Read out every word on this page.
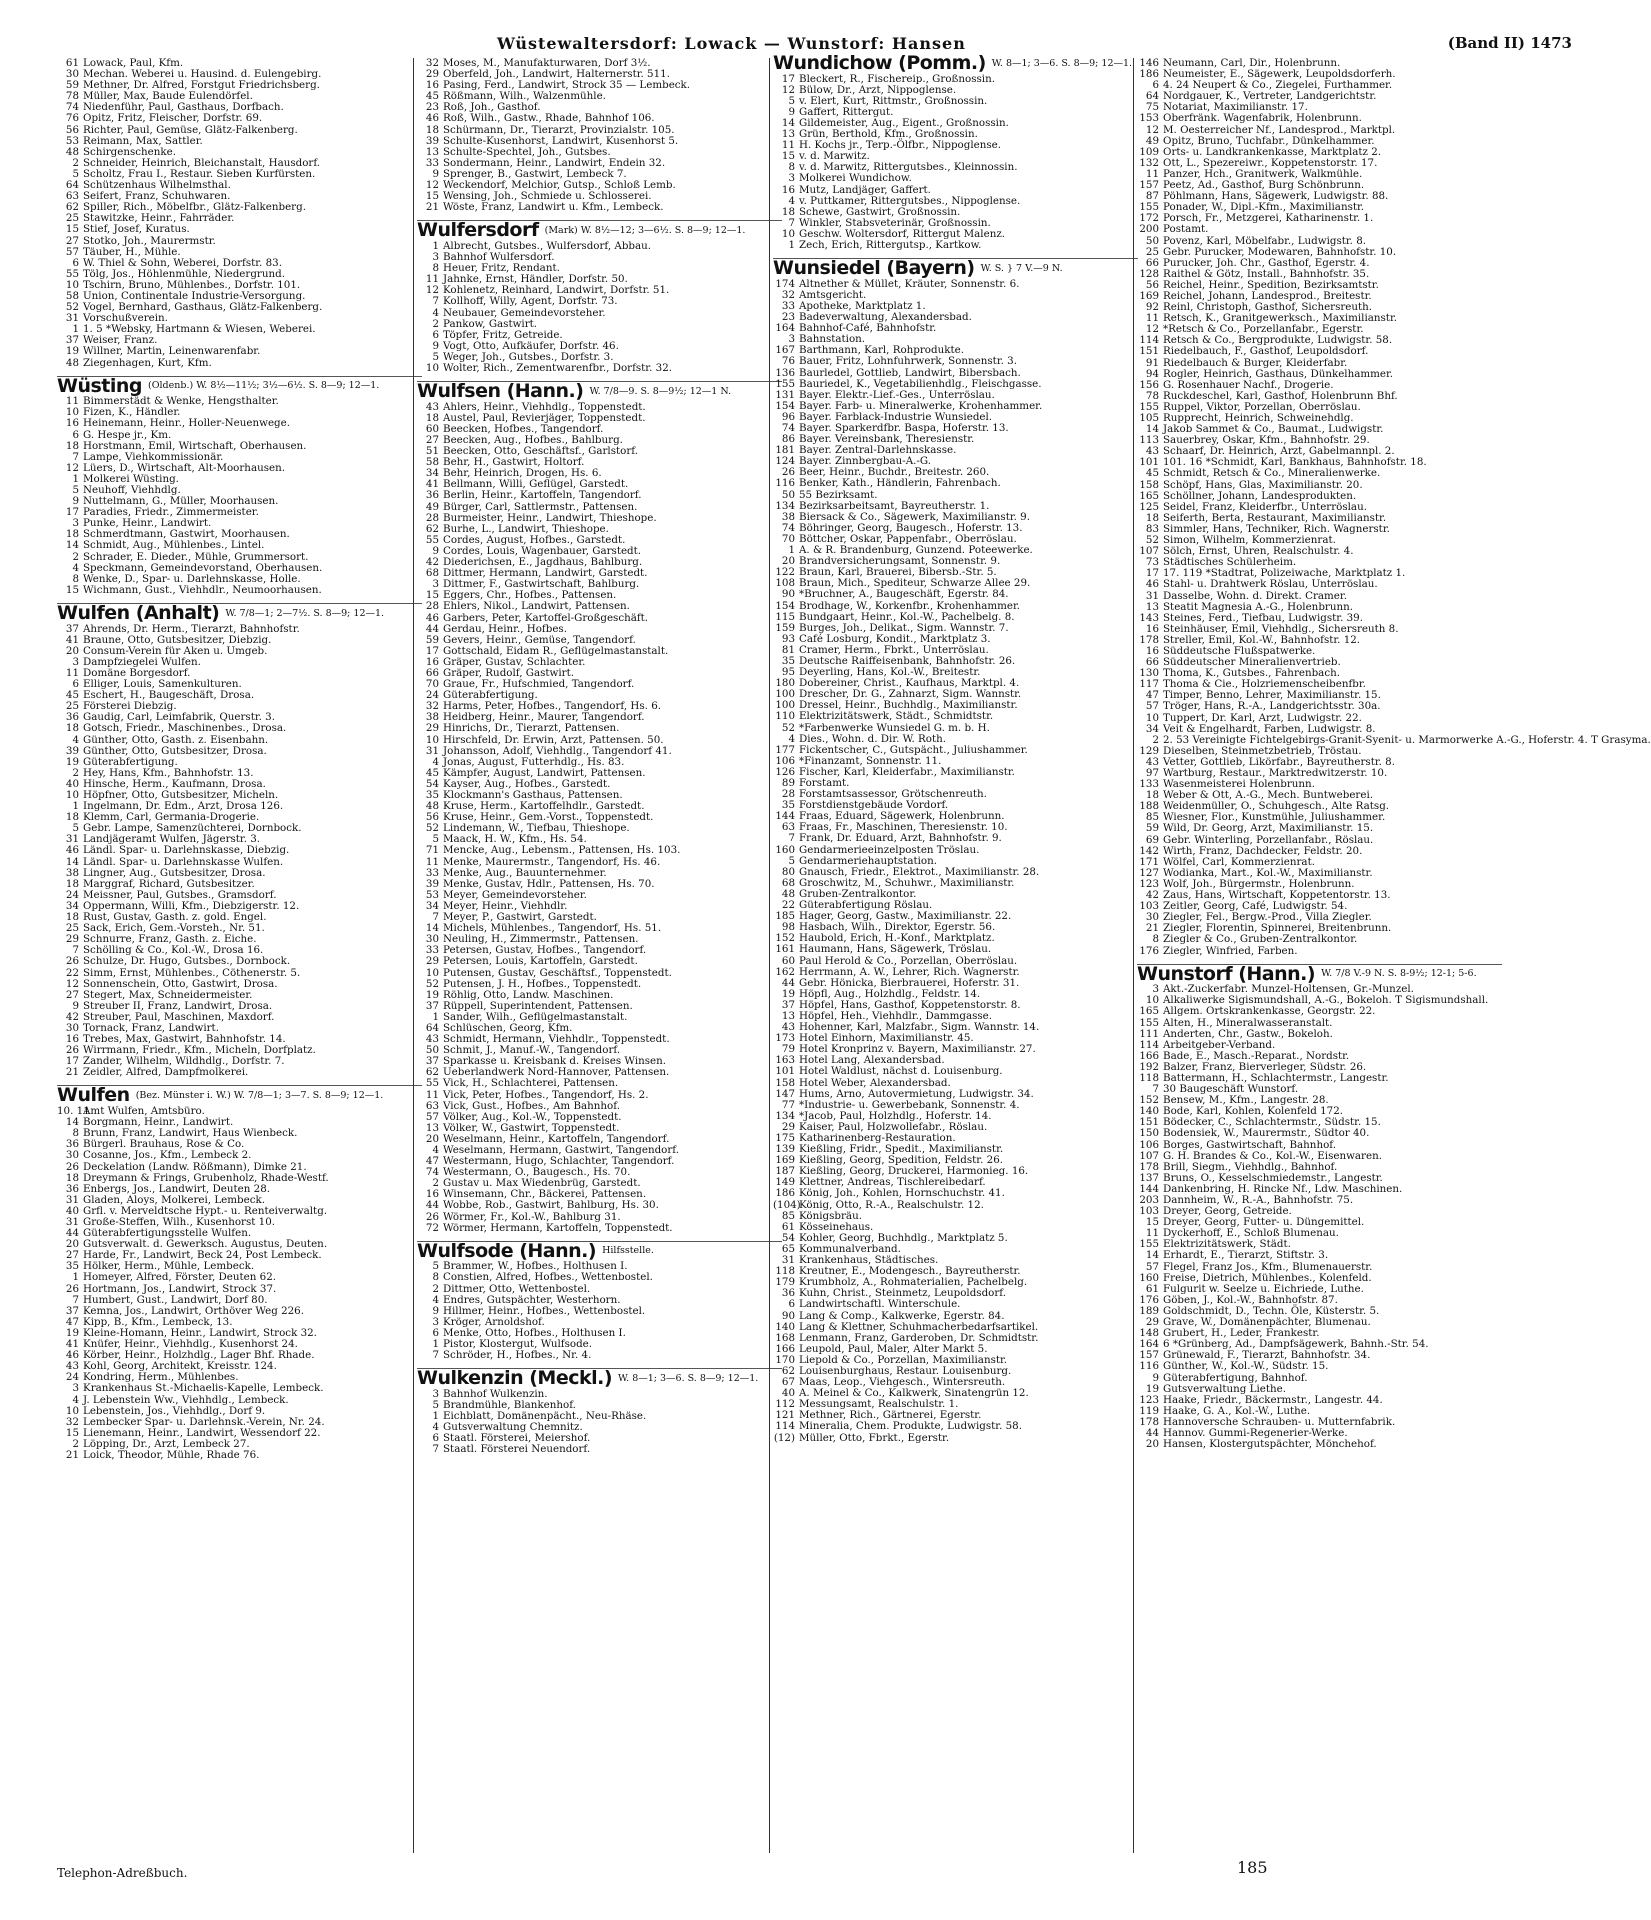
Wüstewaltersdorf: Lowack — Wunstorf: Hansen	(Band II) 1473
61 Lowack, Paul, Kfm.
30 Mechan. Weberei u. Hausind. d. Eulengebirg.
59 Methner, Dr. Alfred, Forstgut Friedrichsberg.
78 Müller, Max, Baude Eulendörfel.
74 Niedenführ, Paul, Gasthaus, Dorfbach.
76 Opitz, Fritz, Fleischer, Dorfstr. 69.
56 Richter, Paul, Gemüse, Glätz-Falkenberg.
53 Reimann, Max, Sattler.
48 Schirgenschenke.
2 Schneider, Heinrich, Bleichanstalt, Hausdorf.
5 Scholtz, Frau I., Restaur. Sieben Kurfürsten.
64 Schützenhaus Wilhelmsthal.
63 Seifert, Franz, Schuhwaren.
62 Spiller, Rich., Möbelfbr., Glätz-Falkenberg.
25 Stawitzke, Heinr., Fahrräder.
15 Stief, Josef, Kuratus.
27 Stotko, Joh., Maurermstr.
57 Täuber, H., Mühle.
6 W. Thiel & Sohn, Weberei, Dorfstr. 83.
55 Tölg, Jos., Höhlenmühle, Niedergrund.
10 Tschirn, Bruno, Mühlenbes., Dorfstr. 101.
58 Union, Continentale Industrie-Versorgung.
52 Vogel, Bernhard, Gasthaus, Glätz-Falkenberg.
31 Vorschußverein.
1 1. 5 *Websky, Hartmann & Wiesen, Weberei.
37 Weiser, Franz.
19 Willner, Martin, Leinenwarenfabr.
48 Ziegenhagen, Kurt, Kfm.
Wüsting (Oldenb.) W. 8½—11½; 3½—6½. S. 8—9; 12—1.
11 Bimmerstädt & Wenke, Hengsthalter.
10 Fizen, K., Händler.
16 Heinemann, Heinr., Holler-Neuenwege.
6 G. Hespe jr., Km.
18 Horstmann, Emil, Wirtschaft, Oberhausen.
7 Lampe, Viehkommissionär.
12 Lüers, D., Wirtschaft, Alt-Moorhausen.
1 Molkerei Wüsting.
5 Neuhoff, Viehhdlg.
9 Nuttelmann, G., Müller, Moorhausen.
17 Paradies, Friedr., Zimmermeister.
3 Punke, Heinr., Landwirt.
18 Schmerdtmann, Gastwirt, Moorhausen.
14 Schmidt, Aug., Mühlenbes., Lintel.
2 Schrader, E. Dieder., Mühle, Grummersort.
4 Speckmann, Gemeindevorstand, Oberhausen.
8 Wenke, D., Spar- u. Darlehnskasse, Holle.
15 Wichmann, Gust., Viehhdlr., Neumoorhausen.
Wulfen (Anhalt) W. 7/8—1; 2—7½. S. 8—9; 12—1.
37 Ahrends, Dr. Herm., Tierarzt, Bahnhofstr.
41 Braune, Otto, Gutsbesitzer, Diebzig.
20 Consum-Verein für Aken u. Umgeb.
3 Dampfziegelei Wulfen.
11 Domäne Borgesdorf.
6 Elliger, Louis, Samenkulturen.
45 Eschert, H., Baugeschäft, Drosa.
25 Försterei Diebzig.
36 Gaudig, Carl, Leimfabrik, Querstr. 3.
18 Gotsch, Friedr., Maschinenbes., Drosa.
4 Günther, Otto, Gasth. z. Eisenbahn.
39 Günther, Otto, Gutsbesitzer, Drosa.
19 Güterabfertigung.
2 Hey, Hans, Kfm., Bahnhofstr. 13.
40 Hinsche, Herm., Kaufmann, Drosa.
10 Höpfner, Otto, Gutsbesitzer, Micheln.
1 Ingelmann, Dr. Edm., Arzt, Drosa 126.
18 Klemm, Carl, Germania-Drogerie.
5 Gebr. Lampe, Samenzüchterei, Dornbock.
31 Landjägeramt Wulfen, Jägerstr. 3.
46 Ländl. Spar- u. Darlehnskasse, Diebzig.
14 Ländl. Spar- u. Darlehnskasse Wulfen.
38 Lingner, Aug., Gutsbesitzer, Drosa.
18 Marggraf, Richard, Gutsbesitzer.
24 Meissner, Paul, Gutsbes., Gramsdorf.
34 Oppermann, Willi, Kfm., Diebzigerstr. 12.
18 Rust, Gustav, Gasth. z. gold. Engel.
25 Sack, Erich, Gem.-Vorsteh., Nr. 51.
29 Schnurre, Franz, Gasth. z. Eiche.
7 Schölling & Co., Kol.-W., Drosa 16.
26 Schulze, Dr. Hugo, Gutsbes., Dornbock.
22 Simm, Ernst, Mühlenbes., Cöthenerstr. 5.
12 Sonnenschein, Otto, Gastwirt, Drosa.
27 Stegert, Max, Schneidermeister.
9 Streuber II, Franz, Landwirt, Drosa.
42 Streuber, Paul, Maschinen, Maxdorf.
30 Tornack, Franz, Landwirt.
16 Trebes, Max, Gastwirt, Bahnhofstr. 14.
26 Wirrmann, Friedr., Kfm., Micheln, Dorfplatz.
17 Zander, Wilhelm, Wildhdlg., Dorfstr. 7.
21 Zeidler, Alfred, Dampfmolkerei.
Wulfen (Bez. Münster i. W.) W. 7/8—1; 3—7. S. 8—9; 12—1.
10. 11Amt Wulfen, Amtsbüro.
14 Borgmann, Heinr., Landwirt.
8 Brunn, Franz, Landwirt, Haus Wienbeck.
36 Bürgerl. Brauhaus, Rose & Co.
30 Cosanne, Jos., Kfm., Lembeck 2.
26 Deckelation (Landw. Rößmann), Dimke 21.
18 Dreymann & Frings, Grubenholz, Rhade-Westf.
36 Enbergs, Jos., Landwirt, Deuten 28.
31 Gladen, Aloys, Molkerei, Lembeck.
40 Grfl. v. Merveldtsche Hypt.- u. Renteiverwaltg.
31 Große-Steffen, Wilh., Kusenhorst 10.
44 Güterabfertigungsstelle Wulfen.
20 Gutsverwalt. d. Gewerksch. Augustus, Deuten.
27 Harde, Fr., Landwirt, Beck 24, Post Lembeck.
35 Hölker, Herm., Mühle, Lembeck.
1 Homeyer, Alfred, Förster, Deuten 62.
26 Hortmann, Jos., Landwirt, Strock 37.
7 Humbert, Gust., Landwirt, Dorf 80.
37 Kemna, Jos., Landwirt, Orthöver Weg 226.
47 Kipp, B., Kfm., Lembeck, 13.
19 Kleine-Homann, Heinr., Landwirt, Strock 32.
41 Knüfer, Heinr., Viehhdlg., Kusenhorst 24.
46 Körber, Heinr., Holzhdlg., Lager Bhf. Rhade.
43 Kohl, Georg, Architekt, Kreisstr. 124.
24 Kondring, Herm., Mühlenbes.
3 Krankenhaus St.-Michaelis-Kapelle, Lembeck.
4 J. Lebenstein Ww., Viehhdlg., Lembeck.
10 Lebenstein, Jos., Viehhdlg., Dorf 9.
32 Lembecker Spar- u. Darlehnsk.-Verein, Nr. 24.
15 Lienemann, Heinr., Landwirt, Wessendorf 22.
2 Löpping, Dr., Arzt, Lembeck 27.
21 Loick, Theodor, Mühle, Rhade 76.
32 Moses, M., Manufakturwaren, Dorf 3½.
29 Oberfeld, Joh., Landwirt, Halternerstr. 511.
16 Pasing, Ferd., Landwirt, Strock 35 — Lembeck.
45 Rößmann, Wilh., Walzenmühle.
23 Roß, Joh., Gasthof.
46 Roß, Wilh., Gastw., Rhade, Bahnhof 106.
18 Schürmann, Dr., Tierarzt, Provinzialstr. 105.
39 Schulte-Kusenhorst, Landwirt, Kusenhorst 5.
13 Schulte-Spechtel, Joh., Gutsbes.
33 Sondermann, Heinr., Landwirt, Endein 32.
9 Sprenger, B., Gastwirt, Lembeck 7.
12 Weckendorf, Melchior, Gutsp., Schloß Lemb.
15 Wensing, Joh., Schmiede u. Schlosserei.
21 Wöste, Franz, Landwirt u. Kfm., Lembeck.
Wulfersdorf (Mark) W. 8½—12; 3—6½. S. 8—9; 12—1.
1 Albrecht, Gutsbes., Wulfersdorf, Abbau.
3 Bahnhof Wulfersdorf.
8 Heuer, Fritz, Rendant.
11 Jahnke, Ernst, Händler, Dorfstr. 50.
12 Kohlenetz, Reinhard, Landwirt, Dorfstr. 51.
7 Kollhoff, Willy, Agent, Dorfstr. 73.
4 Neubauer, Gemeindevorsteher.
2 Pankow, Gastwirt.
6 Töpfer, Fritz, Getreide.
9 Vogt, Otto, Aufkäufer, Dorfstr. 46.
5 Weger, Joh., Gutsbes., Dorfstr. 3.
10 Wolter, Rich., Zementwarenfbr., Dorfstr. 32.
Wulfsen (Hann.) W. 7/8—9. S. 8—9½; 12—1 N.
43 Ahlers, Heinr., Viehhdlg., Toppenstedt.
18 Austel, Paul, Revierjäger, Toppenstedt.
60 Beecken, Hofbes., Tangendorf.
27 Beecken, Aug., Hofbes., Bahlburg.
51 Beecken, Otto, Geschäftsf., Garlstorf.
58 Behr, H., Gastwirt, Holtorf.
34 Behr, Heinrich, Drogen, Hs. 6.
41 Bellmann, Willi, Geflügel, Garstedt.
36 Berlin, Heinr., Kartoffeln, Tangendorf.
49 Bürger, Carl, Sattlermstr., Pattensen.
28 Burmeister, Heinr., Landwirt, Thieshope.
62 Burhe, L., Landwirt, Thieshope.
55 Cordes, August, Hofbes., Garstedt.
9 Cordes, Louis, Wagenbauer, Garstedt.
42 Diederichsen, E., Jagdhaus, Bahlburg.
68 Dittmer, Hermann, Landwirt, Garstedt.
3 Dittmer, F., Gastwirtschaft, Bahlburg.
15 Eggers, Chr., Hofbes., Pattensen.
28 Ehlers, Nikol., Landwirt, Pattensen.
46 Garbers, Peter, Kartoffel-Großgeschäft.
44 Gerdau, Heinr., Hofbes.
59 Gevers, Heinr., Gemüse, Tangendorf.
17 Gottschald, Eidam R., Geflügelmastanstalt.
16 Gräper, Gustav, Schlachter.
66 Gräper, Rudolf, Gastwirt.
70 Graue, Fr., Hufschmied, Tangendorf.
24 Güterabfertigung.
32 Harms, Peter, Hofbes., Tangendorf, Hs. 6.
38 Heidberg, Heinr., Maurer, Tangendorf.
29 Hinrichs, Dr., Tierarzt, Pattensen.
10 Hirschfeld, Dr. Erwin, Arzt, Pattensen. 50.
31 Johansson, Adolf, Viehhdlg., Tangendorf 41.
4 Jonas, August, Futterhdlg., Hs. 83.
45 Kämpfer, August, Landwirt, Pattensen.
54 Kayser, Aug., Hofbes., Garstedt.
35 Klockmann's Gasthaus, Pattensen.
48 Kruse, Herm., Kartoffelhdlr., Garstedt.
56 Kruse, Heinr., Gem.-Vorst., Toppenstedt.
52 Lindemann, W., Tiefbau, Thieshope.
5 Maack, H. W., Kfm., Hs. 54.
71 Mencke, Aug., Lebensm., Pattensen, Hs. 103.
11 Menke, Maurermstr., Tangendorf, Hs. 46.
33 Menke, Aug., Bauunternehmer.
39 Menke, Gustav, Hdlr., Pattensen, Hs. 70.
53 Meyer, Gemeindevorsteher.
34 Meyer, Heinr., Viehhdlr.
7 Meyer, P., Gastwirt, Garstedt.
14 Michels, Mühlenbes., Tangendorf, Hs. 51.
30 Neuling, H., Zimmermstr., Pattensen.
33 Petersen, Gustav, Hofbes., Tangendorf.
29 Petersen, Louis, Kartoffeln, Garstedt.
10 Putensen, Gustav, Geschäftsf., Toppenstedt.
52 Putensen, J. H., Hofbes., Toppenstedt.
19 Röhlig, Otto, Landw. Maschinen.
37 Rüppell, Superintendent, Pattensen.
1 Sander, Wilh., Geflügelmastanstalt.
64 Schlüschen, Georg, Kfm.
43 Schmidt, Hermann, Viehhdlr., Toppenstedt.
50 Schmit, J., Manuf.-W., Tangendorf.
37 Sparkasse u. Kreisbank d. Kreises Winsen.
62 Ueberlandwerk Nord-Hannover, Pattensen.
55 Vick, H., Schlachterei, Pattensen.
11 Vick, Peter, Hofbes., Tangendorf, Hs. 2.
63 Vick, Gust., Hofbes., Am Bahnhof.
57 Völker, Aug., Kol.-W., Toppenstedt.
13 Völker, W., Gastwirt, Toppenstedt.
20 Weselmann, Heinr., Kartoffeln, Tangendorf.
4 Weselmann, Hermann, Gastwirt, Tangendorf.
47 Westermann, Hugo, Schlachter, Tangendorf.
74 Westermann, O., Baugesch., Hs. 70.
2 Gustav u. Max Wiedenbrüg, Garstedt.
16 Winsemann, Chr., Bäckerei, Pattensen.
44 Wobbe, Rob., Gastwirt, Bahlburg, Hs. 30.
26 Wörmer, Fr., Kol.-W., Bahlburg 31.
72 Wörmer, Hermann, Kartoffeln, Toppenstedt.
Wulfsode (Hann.) Hilfsstelle.
5 Brammer, W., Hofbes., Holthusen I.
8 Constien, Alfred, Hofbes., Wettenbostel.
2 Dittmer, Otto, Wettenbostel.
4 Endres, Gutspächter, Westerhorn.
9 Hillmer, Heinr., Hofbes., Wettenbostel.
3 Kröger, Arnoldshof.
6 Menke, Otto, Hofbes., Holthusen I.
1 Pistor, Klostergut, Wulfsode.
7 Schröder, H., Hofbes., Nr. 4.
Wulkenzin (Meckl.) W. 8—1; 3—6. S. 8—9; 12—1.
3 Bahnhof Wulkenzin.
5 Brandmühle, Blankenhof.
1 Eichblatt, Domänenpächt., Neu-Rhäse.
4 Gutsverwaltung Chemnitz.
6 Staatl. Försterei, Meiershof.
7 Staatl. Försterei Neuendorf.
Wundichow (Pomm.) W. 8—1; 3—6. S. 8—9; 12—1.
17 Bleckert, R., Fischereip., Großnossin.
12 Bülow, Dr., Arzt, Nippoglense.
5 v. Elert, Kurt, Rittmstr., Großnossin.
9 Gaffert, Rittergut.
14 Gildemeister, Aug., Eigent., Großnossin.
13 Grün, Berthold, Kfm., Großnossin.
11 H. Kochs jr., Terp.-Ölfbr., Nippoglense.
15 v. d. Marwitz.
8 v. d. Marwitz, Rittergutsbes., Kleinnossin.
3 Molkerei Wundichow.
16 Mutz, Landjäger, Gaffert.
4 v. Puttkamer, Rittergutsbes., Nippoglense.
18 Schewe, Gastwirt, Großnossin.
7 Winkler, Stabsveterinär, Großnossin.
10 Geschw. Woltersdorf, Rittergut Malenz.
1 Zech, Erich, Rittergutsp., Kartkow.
Wunsiedel (Bayern) W. S. } 7 V.—9 N.
174 Altnether & Müllet, Kräuter, Sonnenstr. 6.
32 Amtsgericht.
33 Apotheke, Marktplatz 1.
23 Badeverwaltung, Alexandersbad.
164 Bahnhof-Café, Bahnhofstr.
3 Bahnstation.
167 Barthmann, Karl, Rohprodukte.
76 Bauer, Fritz, Lohnfuhrwerk, Sonnenstr. 3.
136 Baurledel, Gottlieb, Landwirt, Bibersbach.
155 Bauriedel, K., Vegetabilienhdlg., Fleischgasse.
131 Bayer. Elektr.-Lief.-Ges., Unterröslau.
154 Bayer. Farb- u. Mineralwerke, Krohenhammer.
96 Bayer. Farblack-Industrie Wunsiedel.
74 Bayer. Sparkerdfbr. Baspa, Hoferstr. 13.
86 Bayer. Vereinsbank, Theresienstr.
181 Bayer. Zentral-Darlehnskasse.
124 Bayer. Zinnbergbau-A.-G.
26 Beer, Heinr., Buchdr., Breitestr. 260.
116 Benker, Kath., Händlerin, Fahrenbach.
50 55 Bezirksamt.
134 Bezirksarbeitsamt, Bayreutherstr. 1.
38 Biersack & Co., Sägewerk, Maximilianstr. 9.
74 Böhringer, Georg, Baugesch., Hoferstr. 13.
70 Böttcher, Oskar, Pappenfabr., Oberröslau.
1 A. & R. Brandenburg, Gunzend. Poteewerke.
20 Brandversicherungsamt, Sonnenstr. 9.
122 Braun, Karl, Brauerei, Bibersb.-Str. 5.
108 Braun, Mich., Spediteur, Schwarze Allee 29.
90 *Bruchner, A., Baugeschäft, Egerstr. 84.
154 Brodhage, W., Korkenfbr., Krohenhammer.
115 Bundgaart, Heinr., Kol.-W., Pachelbelg. 8.
159 Burges, Joh., Delikat., Sigm. Wannstr. 7.
93 Café Losburg, Kondit., Marktplatz 3.
81 Cramer, Herm., Fbrkt., Unterröslau.
35 Deutsche Raiffeisenbank, Bahnhofstr. 26.
95 Deyerling, Hans, Kol.-W., Breitestr.
180 Dobereiner, Christ., Kaufhaus, Marktpl. 4.
100 Drescher, Dr. G., Zahnarzt, Sigm. Wannstr.
100 Dressel, Heinr., Buchhdlg., Maximilianstr.
110 Elektrizitätswerk, Städt., Schmidtstr.
52 *Farbenwerke Wunsiedel G. m. b. H.
4 Dies., Wohn. d. Dir. W. Roth.
177 Fickentscher, C., Gutspächt., Juliushammer.
106 *Finanzamt, Sonnenstr. 11.
126 Fischer, Karl, Kleiderfabr., Maximilianstr.
89 Forstamt.
28 Forstamtsassessor, Grötschenreuth.
35 Forstdienstgebäude Vordorf.
144 Fraas, Eduard, Sägewerk, Holenbrunn.
63 Fraas, Fr., Maschinen, Theresienstr. 10.
7 Frank, Dr. Eduard, Arzt, Bahnhofstr. 9.
160 Gendarmerieeinzelposten Tröslau.
5 Gendarmeriehauptstation.
80 Gnausch, Friedr., Elektrot., Maximilianstr. 28.
68 Groschwitz, M., Schuhwr., Maximilianstr.
48 Gruben-Zentralkontor.
22 Güterabfertigung Röslau.
185 Hager, Georg, Gastw., Maximilianstr. 22.
98 Hasbach, Wilh., Direktor, Egerstr. 56.
152 Haubold, Erich, H.-Konf., Marktplatz.
161 Haumann, Hans, Sägewerk, Tröslau.
60 Paul Herold & Co., Porzellan, Oberröslau.
162 Herrmann, A. W., Lehrer, Rich. Wagnerstr.
44 Gebr. Hönicka, Bierbrauerei, Hoferstr. 31.
19 Höpfl, Aug., Holzhdlg., Feldstr. 14.
37 Höpfel, Hans, Gasthof, Koppetenstorstr. 8.
13 Höpfel, Heh., Viehhdlr., Dammgasse.
43 Hohenner, Karl, Malzfabr., Sigm. Wannstr. 14.
173 Hotel Einhorn, Maximilianstr. 45.
79 Hotel Kronprinz v. Bayern, Maximilianstr. 27.
163 Hotel Lang, Alexandersbad.
101 Hotel Waldlust, nächst d. Louisenburg.
158 Hotel Weber, Alexandersbad.
147 Hums, Arno, Autovermietung, Ludwigstr. 34.
77 *Industrie- u. Gewerbebank, Sonnenstr. 4.
134 *Jacob, Paul, Holzhdlg., Hoferstr. 14.
29 Kaiser, Paul, Holzwollefabr., Röslau.
175 Katharinenberg-Restauration.
139 Kießling, Fridr., Spedit., Maximilianstr.
169 Kießling, Georg, Spedition, Feldstr. 26.
187 Kießling, Georg, Druckerei, Harmonieg. 16.
149 Klettner, Andreas, Tischlereibedarf.
186 König, Joh., Kohlen, Hornschuchstr. 41.
(104)König, Otto, R.-A., Realschulstr. 12.
85 Königsbräu.
61 Kösseinehaus.
54 Kohler, Georg, Buchhdlg., Marktplatz 5.
65 Kommunalverband.
31 Krankenhaus, Städtisches.
118 Kreutner, E., Modengesch., Bayreutherstr.
179 Krumbholz, A., Rohmaterialien, Pachelbelg.
36 Kuhn, Christ., Steinmetz, Leupoldsdorf.
6 Landwirtschaftl. Winterschule.
90 Lang & Comp., Kalkwerke, Egerstr. 84.
140 Lang & Klettner, Schuhmacherbedarfsartikel.
168 Lenmann, Franz, Garderoben, Dr. Schmidtstr.
166 Leupold, Paul, Maler, Alter Markt 5.
170 Liepold & Co., Porzellan, Maximilianstr.
62 Louisenburghaus, Restaur. Louisenburg.
67 Maas, Leop., Viehgesch., Wintersreuth.
40 A. Meinel & Co., Kalkwerk, Sinatengrün 12.
112 Messungsamt, Realschulstr. 1.
121 Methner, Rich., Gärtnerei, Egerstr.
114 Mineralia, Chem. Produkte, Ludwigstr. 58.
(12) Müller, Otto, Fbrkt., Egerstr.
146 Neumann, Carl, Dir., Holenbrunn.
186 Neumeister, E., Sägewerk, Leupoldsdorferh.
6 4. 24 Neupert & Co., Ziegelei, Furthammer.
64 Nordgauer, K., Vertreter, Landgerichtstr.
75 Notariat, Maximilianstr. 17.
153 Oberfränk. Wagenfabrik, Holenbrunn.
12 M. Oesterreicher Nf., Landesprod., Marktpl.
49 Opitz, Bruno, Tuchfabr., Dünkelhammer.
109 Orts- u. Landkrankenkasse, Marktplatz 2.
132 Ott, L., Spezereiwr., Koppetenstorstr. 17.
11 Panzer, Hch., Granitwerk, Walkmühle.
157 Peetz, Ad., Gasthof, Burg Schönbrunn.
87 Pöhlmann, Hans, Sägewerk, Ludwigstr. 88.
155 Ponader, W., Dipl.-Kfm., Maximilianstr.
172 Porsch, Fr., Metzgerei, Katharinenstr. 1.
200 Postamt.
50 Povenz, Karl, Möbelfabr., Ludwigstr. 8.
25 Gebr. Purucker, Modewaren, Bahnhofstr. 10.
66 Purucker, Joh. Chr., Gasthof, Egerstr. 4.
128 Raithel & Götz, Install., Bahnhofstr. 35.
56 Reichel, Heinr., Spedition, Bezirksamtstr.
169 Reichel, Johann, Landesprod., Breitestr.
92 Reinl, Christoph, Gasthof, Sichersreuth.
11 Retsch, K., Granitgewerksch., Maximilianstr.
12 *Retsch & Co., Porzellanfabr., Egerstr.
114 Retsch & Co., Bergprodukte, Ludwigstr. 58.
151 Riedelbauch, F., Gasthof, Leupoldsdorf.
91 Riedelbauch & Burger, Kleiderfabr.
94 Rogler, Heinrich, Gasthaus, Dünkelhammer.
156 G. Rosenhauer Nachf., Drogerie.
78 Ruckdeschel, Karl, Gasthof, Holenbrunn Bhf.
155 Ruppel, Viktor, Porzellan, Oberröslau.
105 Rupprecht, Heinrich, Schweinehdlg.
14 Jakob Sammet & Co., Baumat., Ludwigstr.
113 Sauerbrey, Oskar, Kfm., Bahnhofstr. 29.
43 Schaarf, Dr. Heinrich, Arzt, Gabelmannpl. 2.
101 101. 16 *Schmidt, Karl, Bankhaus, Bahnhofstr. 18.
45 Schmidt, Retsch & Co., Mineralienwerke.
158 Schöpf, Hans, Glas, Maximilianstr. 20.
165 Schöllner, Johann, Landesprodukten.
125 Seidel, Franz, Kleiderfbr., Unterröslau.
18 Seiferth, Berta, Restaurant, Maximilianstr.
83 Simmler, Hans, Techniker, Rich. Wagnerstr.
52 Simon, Wilhelm, Kommerzienrat.
107 Sölch, Ernst, Uhren, Realschulstr. 4.
73 Städtisches Schülerheim.
17 17. 119 *Stadtrat, Polizeiwache, Marktplatz 1.
46 Stahl- u. Drahtwerk Röslau, Unterröslau.
31 Dasselbe, Wohn. d. Direkt. Cramer.
13 Steatit Magnesia A.-G., Holenbrunn.
143 Steines, Ferd., Tiefbau, Ludwigstr. 39.
16 Steinhäuser, Emil, Viehhdlg., Sichersreuth 8.
178 Streller, Emil, Kol.-W., Bahnhofstr. 12.
16 Süddeutsche Flußspatwerke.
66 Süddeutscher Mineralienvertrieb.
130 Thoma, K., Gutsbes., Fahrenbach.
117 Thoma & Cie., Holzriemenscheibenfbr.
47 Timper, Benno, Lehrer, Maximilianstr. 15.
57 Tröger, Hans, R.-A., Landgerichtsstr. 30a.
10 Tuppert, Dr. Karl, Arzt, Ludwigstr. 22.
34 Veit & Engelhardt, Farben, Ludwigstr. 8.
2 2. 53 Vereinigte Fichtelgebirgs-Granit-Syenit- u. Marmorwerke A.-G., Hoferstr. 4. T Grasyma.
129 Dieselben, Steinmetzbetrieb, Tröstau.
43 Vetter, Gottlieb, Likörfabr., Bayreutherstr. 8.
97 Wartburg, Restaur., Marktredwitzerstr. 10.
133 Wasenmeisterei Holenbrunn.
18 Weber & Ott, A.-G., Mech. Buntweberei.
188 Weidenmüller, O., Schuhgesch., Alte Ratsg.
85 Wiesner, Flor., Kunstmühle, Juliushammer.
59 Wild, Dr. Georg, Arzt, Maximilianstr. 15.
69 Gebr. Winterling, Porzellanfabr., Röslau.
142 Wirth, Franz, Dachdecker, Feldstr. 20.
171 Wölfel, Carl, Kommerzienrat.
127 Wodianka, Mart., Kol.-W., Maximilianstr.
123 Wolf, Joh., Bürgermstr., Holenbrunn.
42 Zaus, Hans, Wirtschaft, Koppetentorstr. 13.
103 Zeitler, Georg, Café, Ludwigstr. 54.
30 Ziegler, Fel., Bergw.-Prod., Villa Ziegler.
21 Ziegler, Florentin, Spinnerei, Breitenbrunn.
8 Ziegler & Co., Gruben-Zentralkontor.
176 Ziegler, Winfried, Farben.
Wunstorf (Hann.) W. 7/8 V.-9 N. S. 8-9½; 12-1; 5-6.
3 Akt.-Zuckerfabr. Munzel-Holtensen, Gr.-Munzel.
10 Alkaliwerke Sigismundshall, A.-G., Bokeloh. T Sigismundshall.
165 Allgem. Ortskrankenkasse, Georgstr. 22.
155 Alten, H., Mineralwasseranstalt.
111 Anderten, Chr., Gastw., Bokeloh.
114 Arbeitgeber-Verband.
166 Bade, E., Masch.-Reparat., Nordstr.
192 Balzer, Franz, Bierverleger, Südstr. 26.
118 Battermann, H., Schlachtermstr., Langestr.
7 30 Baugeschäft Wunstorf.
152 Bensew, M., Kfm., Langestr. 28.
140 Bode, Karl, Kohlen, Kolenfeld 172.
151 Bödecker, C., Schlachtermstr., Südstr. 15.
150 Bodensiek, W., Maurermstr., Südtor 40.
106 Borges, Gastwirtschaft, Bahnhof.
107 G. H. Brandes & Co., Kol.-W., Eisenwaren.
178 Brill, Siegm., Viehhdlg., Bahnhof.
137 Bruns, O., Kesselschmiedemstr., Langestr.
144 Dankenbring, H. Rincke Nf., Ldw. Maschinen.
203 Dannheim, W., R.-A., Bahnhofstr. 75.
103 Dreyer, Georg, Getreide.
15 Dreyer, Georg, Futter- u. Düngemittel.
11 Dyckerhoff, E., Schloß Blumenau.
155 Elektrizitätswerk, Städt.
14 Erhardt, E., Tierarzt, Stiftstr. 3.
57 Flegel, Franz Jos., Kfm., Blumenauerstr.
160 Freise, Dietrich, Mühlenbes., Kolenfeld.
61 Fulgurit w. Seelze u. Eichriede, Luthe.
176 Göben, J., Kol.-W., Bahnhofstr. 87.
189 Goldschmidt, D., Techn. Öle, Küsterstr. 5.
29 Grave, W., Domänenpächter, Blumenau.
148 Grubert, H., Leder, Frankestr.
164 6 *Grünberg, Ad., Dampfsägewerk, Bahnh.-Str. 54.
157 Grünewald, F., Tierarzt, Bahnhofstr. 34.
116 Günther, W., Kol.-W., Südstr. 15.
9 Güterabfertigung, Bahnhof.
19 Gutsverwaltung Liethe.
123 Haake, Friedr., Bäckermstr., Langestr. 44.
119 Haake, G. A., Kol.-W., Luthe.
178 Hannoversche Schrauben- u. Mutternfabrik.
44 Hannov. Gummi-Regenerier-Werke.
20 Hansen, Klostergutspächter, Mönchehof.
Telephon-Adreßbuch.	185
